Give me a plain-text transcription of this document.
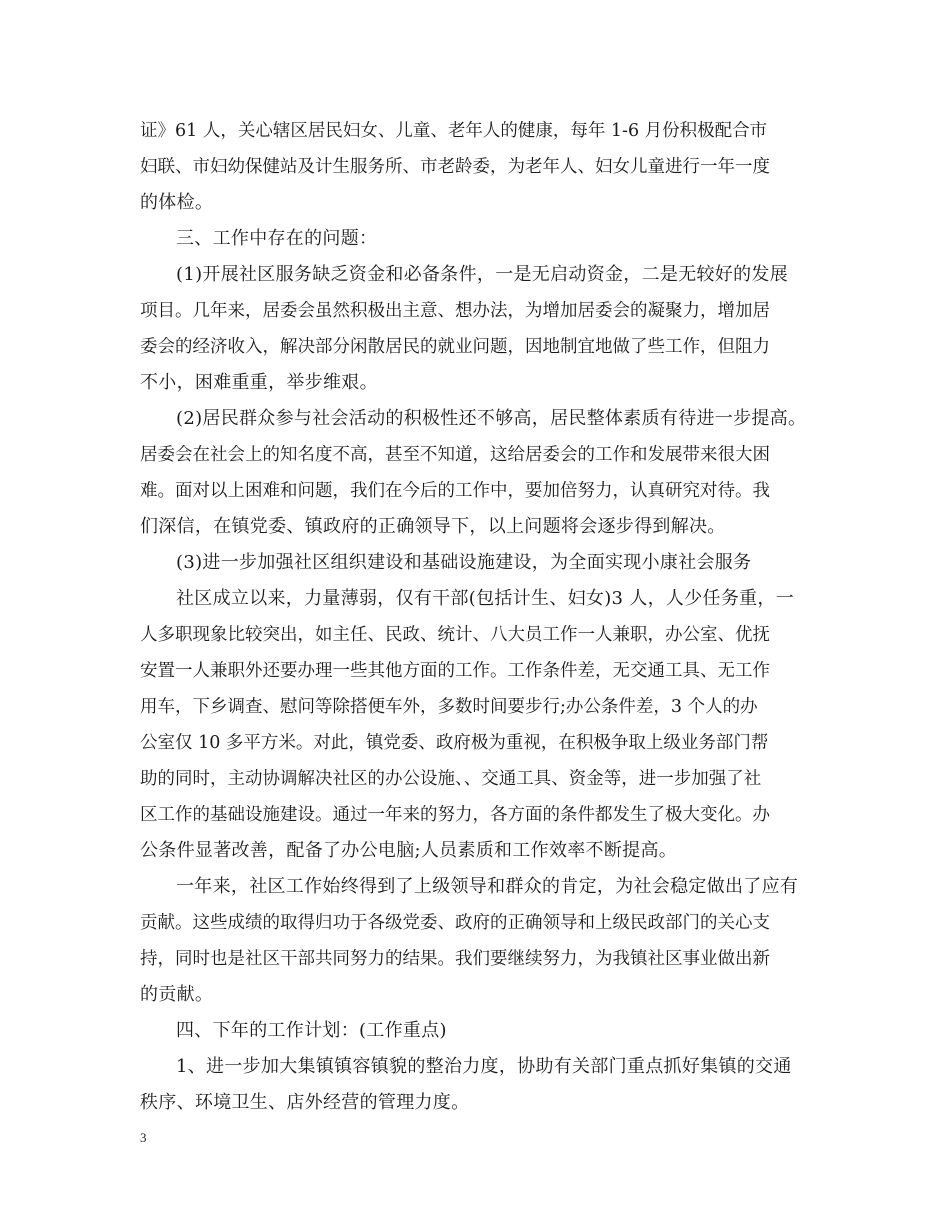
证》61 人，关心辖区居民妇女、儿童、老年人的健康，每年 1-6 月份积极配合市
妇联、市妇幼保健站及计生服务所、市老龄委，为老年人、妇女儿童进行一年一度
的体检。
三、工作中存在的问题：
(1)开展社区服务缺乏资金和必备条件，一是无启动资金，二是无较好的发展
项目。几年来，居委会虽然积极出主意、想办法，为增加居委会的凝聚力，增加居
委会的经济收入，解决部分闲散居民的就业问题，因地制宜地做了些工作，但阻力
不小，困难重重，举步维艰。
(2)居民群众参与社会活动的积极性还不够高，居民整体素质有待进一步提高。
居委会在社会上的知名度不高，甚至不知道，这给居委会的工作和发展带来很大困
难。面对以上困难和问题，我们在今后的工作中，要加倍努力，认真研究对待。我
们深信，在镇党委、镇政府的正确领导下，以上问题将会逐步得到解决。
(3)进一步加强社区组织建设和基础设施建设，为全面实现小康社会服务
社区成立以来，力量薄弱，仅有干部(包括计生、妇女)3 人，人少任务重，一
人多职现象比较突出，如主任、民政、统计、八大员工作一人兼职，办公室、优抚
安置一人兼职外还要办理一些其他方面的工作。工作条件差，无交通工具、无工作
用车，下乡调查、慰问等除搭便车外，多数时间要步行;办公条件差，3 个人的办
公室仅 10 多平方米。对此，镇党委、政府极为重视，在积极争取上级业务部门帮
助的同时，主动协调解决社区的办公设施、、交通工具、资金等，进一步加强了社
区工作的基础设施建设。通过一年来的努力，各方面的条件都发生了极大变化。办
公条件显著改善，配备了办公电脑;人员素质和工作效率不断提高。
一年来，社区工作始终得到了上级领导和群众的肯定，为社会稳定做出了应有
贡献。这些成绩的取得归功于各级党委、政府的正确领导和上级民政部门的关心支
持，同时也是社区干部共同努力的结果。我们要继续努力，为我镇社区事业做出新
的贡献。
四、下年的工作计划：(工作重点)
1、进一步加大集镇镇容镇貌的整治力度，协助有关部门重点抓好集镇的交通
秩序、环境卫生、店外经营的管理力度。
3
